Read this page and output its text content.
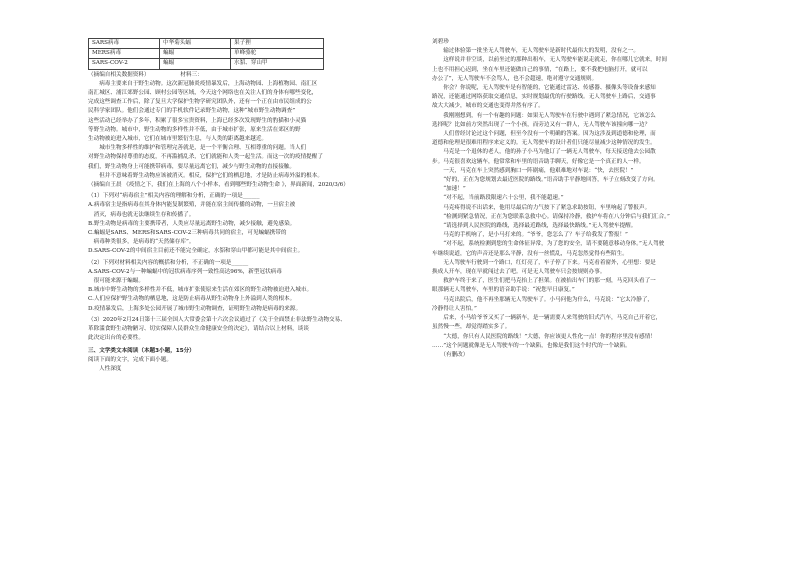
SARS病毒	中华菊头蝠	果子狸
MERS病毒	蝙蝠	单峰骆驼
SARS-COV-2	蝙蝠	水貂、穿山甲
（摘编自相关数据资料）　　　　　　材料三：
　　病毒主要来自于野生动物。这次新冠肺炎疫情暴发后，上海动物园、上海植物园、南汇区
南汇城区、浦江郊野公园、顾村公园等区域，今天这个网络也在关注人们的身体有哪些变化，
完成这些调查工作后，除了复旦大学保护生物学研究团队外，还有一个正在由市民组成的公
民科学家团队。他们会通过专门的手机软件记录野生动物，这种“城市野生动物调查”
这些活动已经举办了多年，积累了很多宝贵资料，上海已经多次发现野生的豹猫和小灵猫
等野生动物。城市中，野生动物的多样性并不低，由于城市扩张，原来生活在郊区的野
生动物被迫进入城市，它们在城市里繁衍生息，与人类的距离越来越近。
　　城市生物多样性的维护和管理完善就是，是一个平衡合理、互相尊重的问题。当人们
对野生动物保持尊重的态度，不再滥捕乱杀，它们就能和人类一起生活。而这一次的疫情提醒了
我们，野生动物身上可能携带病毒，要尽量远离它们，减少与野生动物的直接接触。
　　但并不意味着野生动物应该被消灭。相反，保护它们的栖息地，才是防止病毒外溢的根本。
（摘编自王晨 《疫情之下，我们在上海的八个小样本，看到哪些野生动物生命 》，界面新闻，2020/3/6）
（1）下列对“病毒宿主”相关内容的理解和分析，正确的一项是______
A.病毒宿主是指病毒在其身体内能复制繁殖，并能在宿主间传播的动物，一旦宿主被
　消灭，病毒也就无法继续生存和传播了。
B.野生动物是病毒的主要携带者，人类应尽量远离野生动物，减少接触，避免感染。
C.蝙蝠是SARS、MERS和SARS-COV-2三种病毒共同的宿主，可见蝙蝠携带的
　病毒种类很多，是病毒的“天然储存库”。
D.SARS-COV-2的中间宿主目前还不能完全确定，水貂和穿山甲都可能是其中间宿主。
（2）下列对材料相关内容的概括和分析，不正确的一项是______
A.SARS-COV-2与一种蝙蝠中的冠状病毒序列一致性高达96%，新型冠状病毒
　很可能来源于蝙蝠。
B.城市中野生动物的多样性并不低，城市扩张使原来生活在郊区的野生动物被迫进入城市。
C.人们应保护野生动物的栖息地，这是防止病毒从野生动物身上外溢到人类的根本。
D.疫情暴发后，上海多处公园开展了城市野生动物调查，证明野生动物是病毒的来源。
（3）2020年2月24日第十三届全国人大常委会第十六次会议通过了《关于全面禁止非法野生动物交易、
革除滥食野生动物陋习、切实保障人民群众生命健康安全的决定》，请结合以上材料，谈谈
此决定出台的必要性。
三、文学类文本阅读（本题3小题，15分）
阅读下面的文字，完成下面小题。
人性深度
刘碧珍
　　输过体验第一批坐无人驾驶车，无人驾驶车是新时代最伟大的发明，没有之一。
　　这样说并非空谈，以前坐过的那种出租车，无人驾驶车能说走就走，你在哪儿它就来，时间
上也不用担心迟到，坐在车里还能做自己的事情，“在路上，要不我把电脑打开，就可以
办公了”，无人驾驶车不会骂人，也不会超速，绝对遵守交通规则。
　　你会？你说呢，无人驾驶车是有智能的，它能通过雷达、传感器、摄像头等设备来感知
路况，还能通过网络获取交通信息，实时规划最优的行驶路线。无人驾驶车上路后，交通事
故大大减少，城市的交通也变得井然有序了。
　　我刚刚想到，有一个有趣的问题：如果无人驾驶车在行驶中遇到了紧急情况，它该怎么
选择呢？比如前方突然出现了一个小孩，而旁边又有一群人，无人驾驶车该撞向哪一边？
　　人们曾经讨论过这个问题，但至今没有一个明确的答案。因为这涉及到道德和伦理，而
道德和伦理是很难用程序来定义的。无人驾驶车的设计者们只能尽量减少这种情况的发生。
　　马克是一个退休的老人，他的孙子小马为他订了一辆无人驾驶车，每天接送他去公园散
步。马克很喜欢这辆车，他常常和车里的语音助手聊天，好像它是一个真正的人一样。
　　一天，马克在车上突然感到胸口一阵剧痛，他艰难地对车说：“快，去医院！”
　　“好的，正在为您规划去最近医院的路线。”语音助手平静地回答，车子立刻改变了方向。
　　“加速！”
　　“对不起，当前路段限速六十公里，我不能超速。”
　　马克疼得说不出话来，他用尽最后的力气按下了紧急求助按钮，车里响起了警报声。
　　“检测到紧急情况，正在为您联系急救中心。请保持冷静，救护车将在八分钟后与我们汇合。”
　　“请选择到人民医院的路线，选择最近路线，选择最快路线。”无人驾驶车提醒。
　　马克的手机响了，是小马打来的。“爷爷，您怎么了？车子给我发了警报！”
　　“对不起，系统检测到您的生命体征异常，为了您的安全，请不要随意移动身体。”无人驾驶
车继续说道，它的声音还是那么平静，没有一丝慌乱，马克忽然觉得有些陌生。
　　无人驾驶车行驶到一个路口，红灯亮了，车子停了下来。马克看着窗外，心里想：要是
换成人开车，现在早就闯过去了吧。可是无人驾驶车只会按规则办事。
　　救护车终于来了，医生们把马克抬上了担架。在被抬出车门的那一刻，马克回头看了一
眼那辆无人驾驶车，车里的语音助手说：“祝您早日康复。”
　　马克出院后，他不再坐那辆无人驾驶车了。小马问他为什么，马克说：“它太冷静了，
冷静得让人害怕。”
　　后来，小马给爷爷又买了一辆新车，是一辆需要人来驾驶的旧式汽车，马克自己开着它，
虽然慢一些，却觉得踏实多了。
　　“大德，你只有人民医院的路线！”大德，你应该更人性化一点！你的程序里没有感情！
……”这个问题就像是无人驾驶车的一个缺陷，也像是我们这个时代的一个缺陷。
　　（有删改）
